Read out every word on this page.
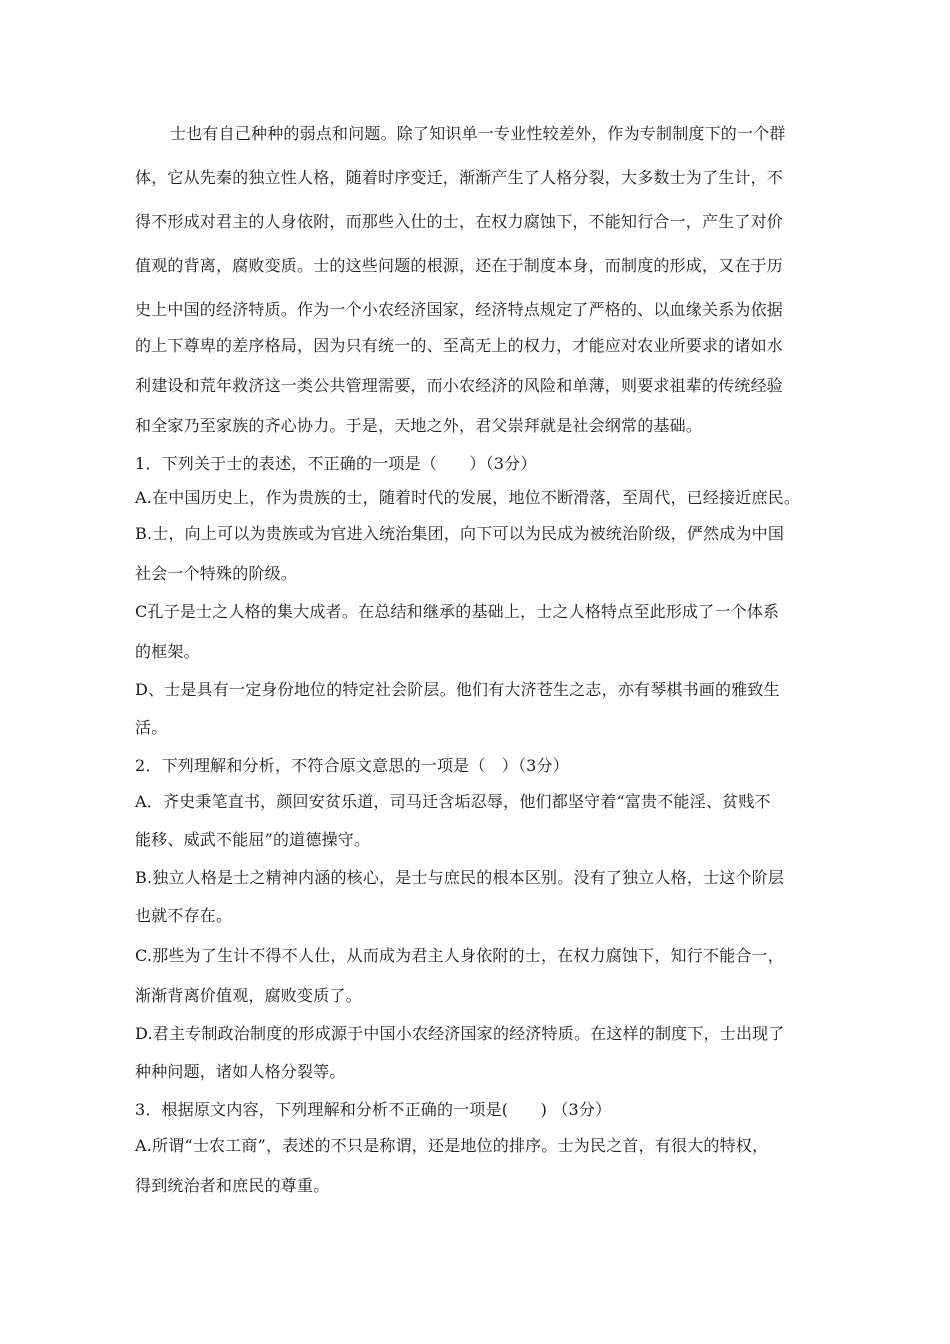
士也有自己种种的弱点和问题。除了知识单一专业性较差外，作为专制制度下的一个群
体，它从先秦的独立性人格，随着时序变迁，渐渐产生了人格分裂，大多数士为了生计，不
得不形成对君主的人身依附，而那些入仕的士，在权力腐蚀下，不能知行合一，产生了对价
值观的背离，腐败变质。士的这些问题的根源，还在于制度本身，而制度的形成，又在于历
史上中国的经济特质。作为一个小农经济国家，经济特点规定了严格的、以血缘关系为依据
的上下尊卑的差序格局，因为只有统一的、至高无上的权力，才能应对农业所要求的诸如水
利建设和荒年救济这一类公共管理需要，而小农经济的风险和单薄，则要求祖辈的传统经验
和全家乃至家族的齐心协力。于是，天地之外，君父崇拜就是社会纲常的基础。
1．下列关于士的表述，不正确的一项是（　　）（3分）
A.在中国历史上，作为贵族的士，随着时代的发展，地位不断滑落，至周代，已经接近庶民。
B.士，向上可以为贵族或为官进入统治集团，向下可以为民成为被统治阶级，俨然成为中国
社会一个特殊的阶级。
C孔子是士之人格的集大成者。在总结和继承的基础上，士之人格特点至此形成了一个体系
的框架。
D、士是具有一定身份地位的特定社会阶层。他们有大济苍生之志，亦有琴棋书画的雅致生
活。
2．下列理解和分析，不符合原文意思的一项是（　）（3分）
A．齐史秉笔直书，颜回安贫乐道，司马迁含垢忍辱，他们都坚守着“富贵不能淫、贫贱不
能移、威武不能屈”的道德操守。
B.独立人格是士之精神内涵的核心，是士与庶民的根本区别。没有了独立人格，士这个阶层
也就不存在。
C.那些为了生计不得不人仕，从而成为君主人身依附的士，在权力腐蚀下，知行不能合一，
渐渐背离价值观，腐败变质了。
D.君主专制政治制度的形成源于中国小农经济国家的经济特质。在这样的制度下，士出现了
种种问题，诸如人格分裂等。
3．根据原文内容，下列理解和分析不正确的一项是(　　) （3分）
A.所谓“士农工商”，表述的不只是称谓，还是地位的排序。士为民之首，有很大的特权，
得到统治者和庶民的尊重。
